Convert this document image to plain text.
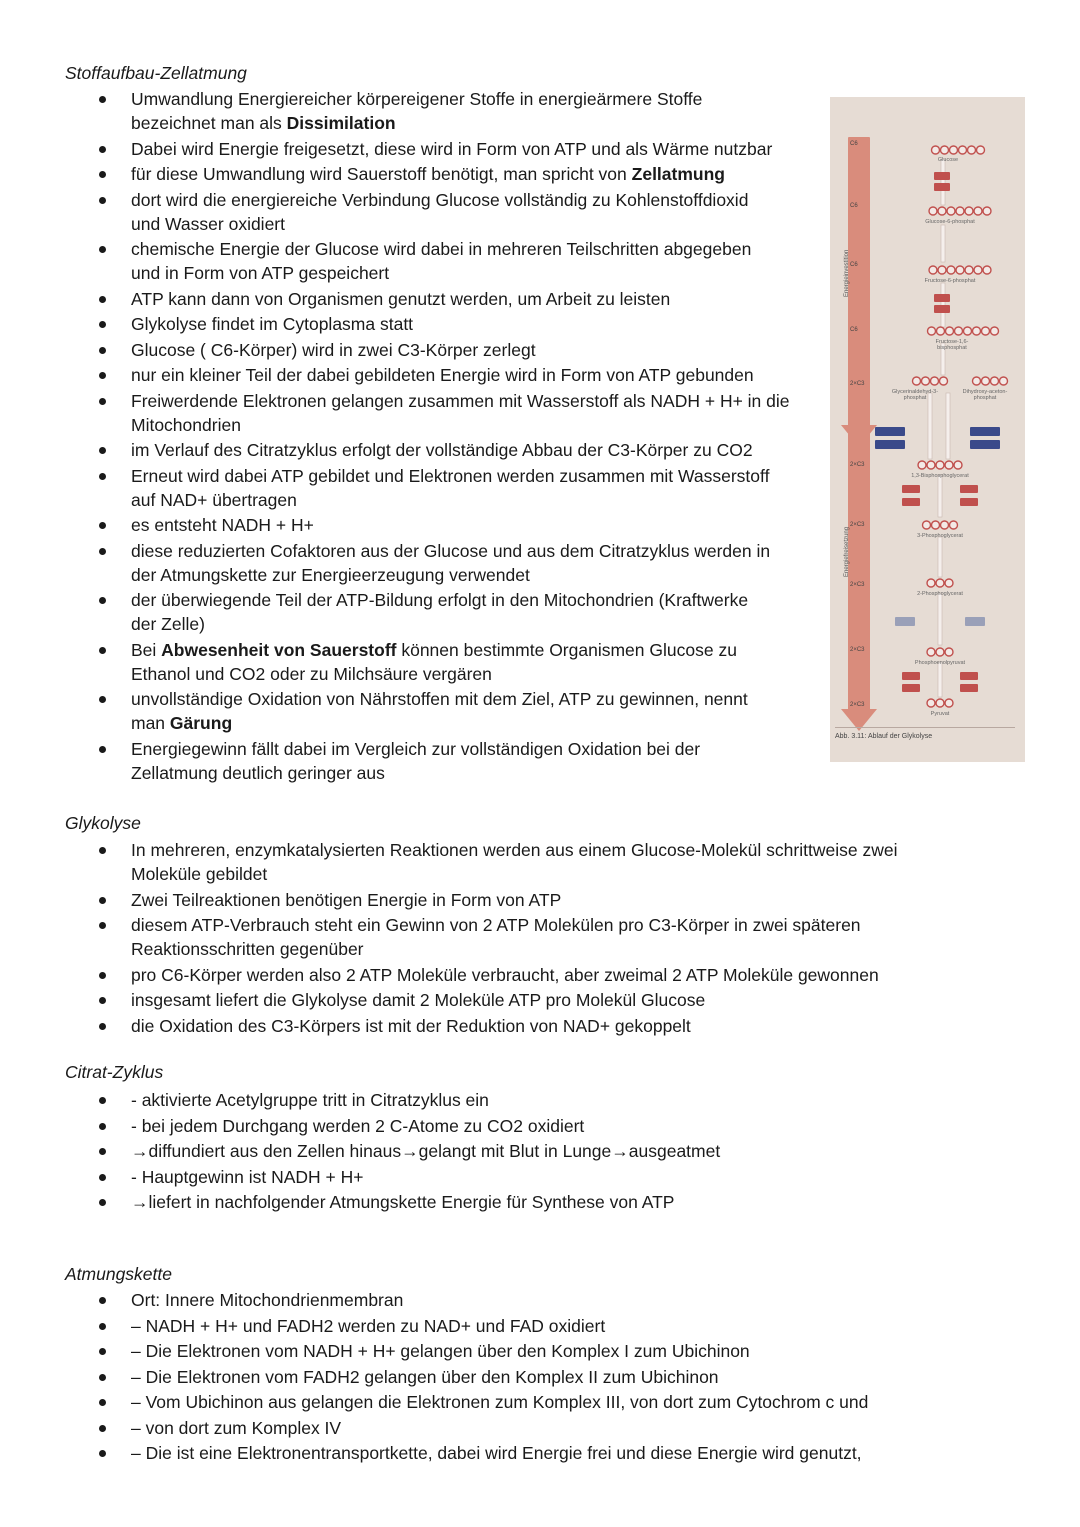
Stoffaufbau-Zellatmung
Umwandlung Energiereicher körpereigener Stoffe in energieärmere Stoffe
bezeichnet man als Dissimilation
Dabei wird Energie freigesetzt, diese wird in Form von ATP und als Wärme nutzbar
für diese Umwandlung wird Sauerstoff benötigt, man spricht von Zellatmung
dort wird die energiereiche Verbindung Glucose vollständig zu Kohlenstoffdioxid
und Wasser oxidiert
chemische Energie der Glucose wird dabei in mehreren Teilschritten abgegeben
und in Form von ATP gespeichert
ATP kann dann von Organismen genutzt werden, um Arbeit zu leisten
Glykolyse findet im Cytoplasma statt
Glucose ( C6-Körper) wird in zwei C3-Körper zerlegt
nur ein kleiner Teil der dabei gebildeten Energie wird in Form von ATP gebunden
Freiwerdende Elektronen gelangen zusammen mit Wasserstoff als NADH + H+ in die
Mitochondrien
im Verlauf des Citratzyklus erfolgt der vollständige Abbau der C3-Körper zu CO2
Erneut wird dabei ATP gebildet und Elektronen werden zusammen mit Wasserstoff
auf NAD+ übertragen
es entsteht NADH + H+
diese reduzierten Cofaktoren aus der Glucose und aus dem Citratzyklus werden in
der Atmungskette zur Energieerzeugung verwendet
der überwiegende Teil der ATP-Bildung erfolgt in den Mitochondrien (Kraftwerke
der Zelle)
Bei Abwesenheit von Sauerstoff können bestimmte Organismen Glucose zu
Ethanol und CO2 oder zu Milchsäure vergären
unvollständige Oxidation von Nährstoffen mit dem Ziel, ATP zu gewinnen, nennt
man Gärung
Energiegewinn fällt dabei im Vergleich zur vollständigen Oxidation bei der
Zellatmung deutlich geringer aus
Glykolyse
In mehreren, enzymkatalysierten Reaktionen werden aus einem Glucose-Molekül schrittweise zwei
Moleküle gebildet
Zwei Teilreaktionen benötigen Energie in Form von ATP
diesem ATP-Verbrauch steht ein Gewinn von 2 ATP Molekülen pro C3-Körper in zwei späteren
Reaktionsschritten gegenüber
pro C6-Körper werden also 2 ATP Moleküle verbraucht, aber zweimal 2 ATP Moleküle gewonnen
insgesamt liefert die Glykolyse damit 2 Moleküle ATP pro Molekül Glucose
die Oxidation des C3-Körpers ist mit der Reduktion von NAD+ gekoppelt
Citrat-Zyklus
- aktivierte Acetylgruppe tritt in Citratzyklus ein
- bei jedem Durchgang werden 2 C-Atome zu CO2 oxidiert
→diffundiert aus den Zellen hinaus→gelangt mit Blut in Lunge→ausgeatmet
- Hauptgewinn ist NADH + H+
→liefert in nachfolgender Atmungskette Energie für Synthese von ATP
Atmungskette
Ort: Innere Mitochondrienmembran
– NADH + H+ und FADH2 werden zu NAD+ und FAD oxidiert
– Die Elektronen vom NADH + H+ gelangen über den Komplex I zum Ubichinon
– Die Elektronen vom FADH2 gelangen über den Komplex II zum Ubichinon
– Vom Ubichinon aus gelangen die Elektronen zum Komplex III, von dort zum Cytochrom c und
– von dort zum Komplex IV
– Die ist eine Elektronentransportkette, dabei wird Energie frei und diese Energie wird genutzt,
Energieinvestition
Energiefreisetzung
C6
C6
C6
C6
2×C3
2×C3
2×C3
2×C3
2×C3
2×C3
Glucose
Glucose-6-phosphat
Fructose-6-phosphat
Fructose-1,6-bisphosphat
Glycerinaldehyd-3-phosphat
Dihydroxy-aceton-phosphat
1,3-Bisphosphoglycerat
3-Phosphoglycerat
2-Phosphoglycerat
Phosphoenolpyruvat
Pyruvat
Abb. 3.11: Ablauf der Glykolyse
